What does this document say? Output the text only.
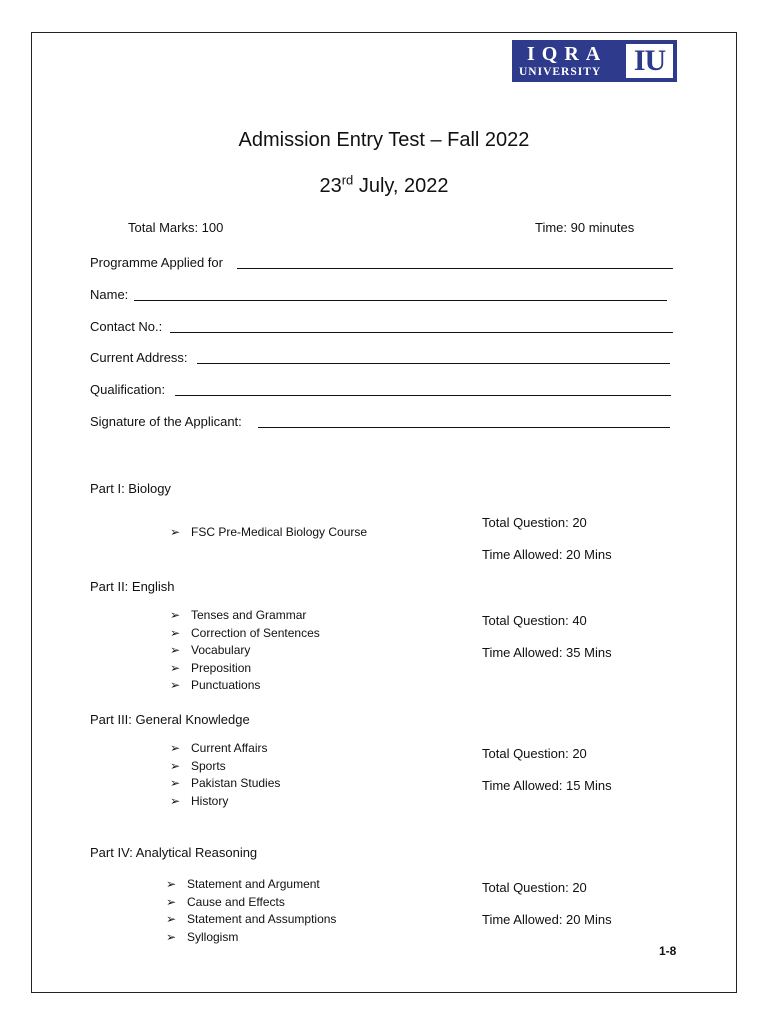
IQRA
UNIVERSITY IU
Admission Entry Test – Fall 2022
23rd July, 2022
Total Marks: 100	Time: 90 minutes
Programme Applied for
Name:
Contact No.:
Current Address:
Qualification:
Signature of the Applicant:
Part I: Biology
➢ FSC Pre-Medical Biology Course
Total Question: 20
Time Allowed: 20 Mins
Part II: English
➢ Tenses and Grammar
➢ Correction of Sentences
➢ Vocabulary
➢ Preposition
➢ Punctuations
Total Question: 40
Time Allowed: 35 Mins
Part III: General Knowledge
➢ Current Affairs
➢ Sports
➢ Pakistan Studies
➢ History
Total Question: 20
Time Allowed: 15 Mins
Part IV: Analytical Reasoning
➢ Statement and Argument
➢ Cause and Effects
➢ Statement and Assumptions
➢ Syllogism
Total Question: 20
Time Allowed: 20 Mins
1-8
